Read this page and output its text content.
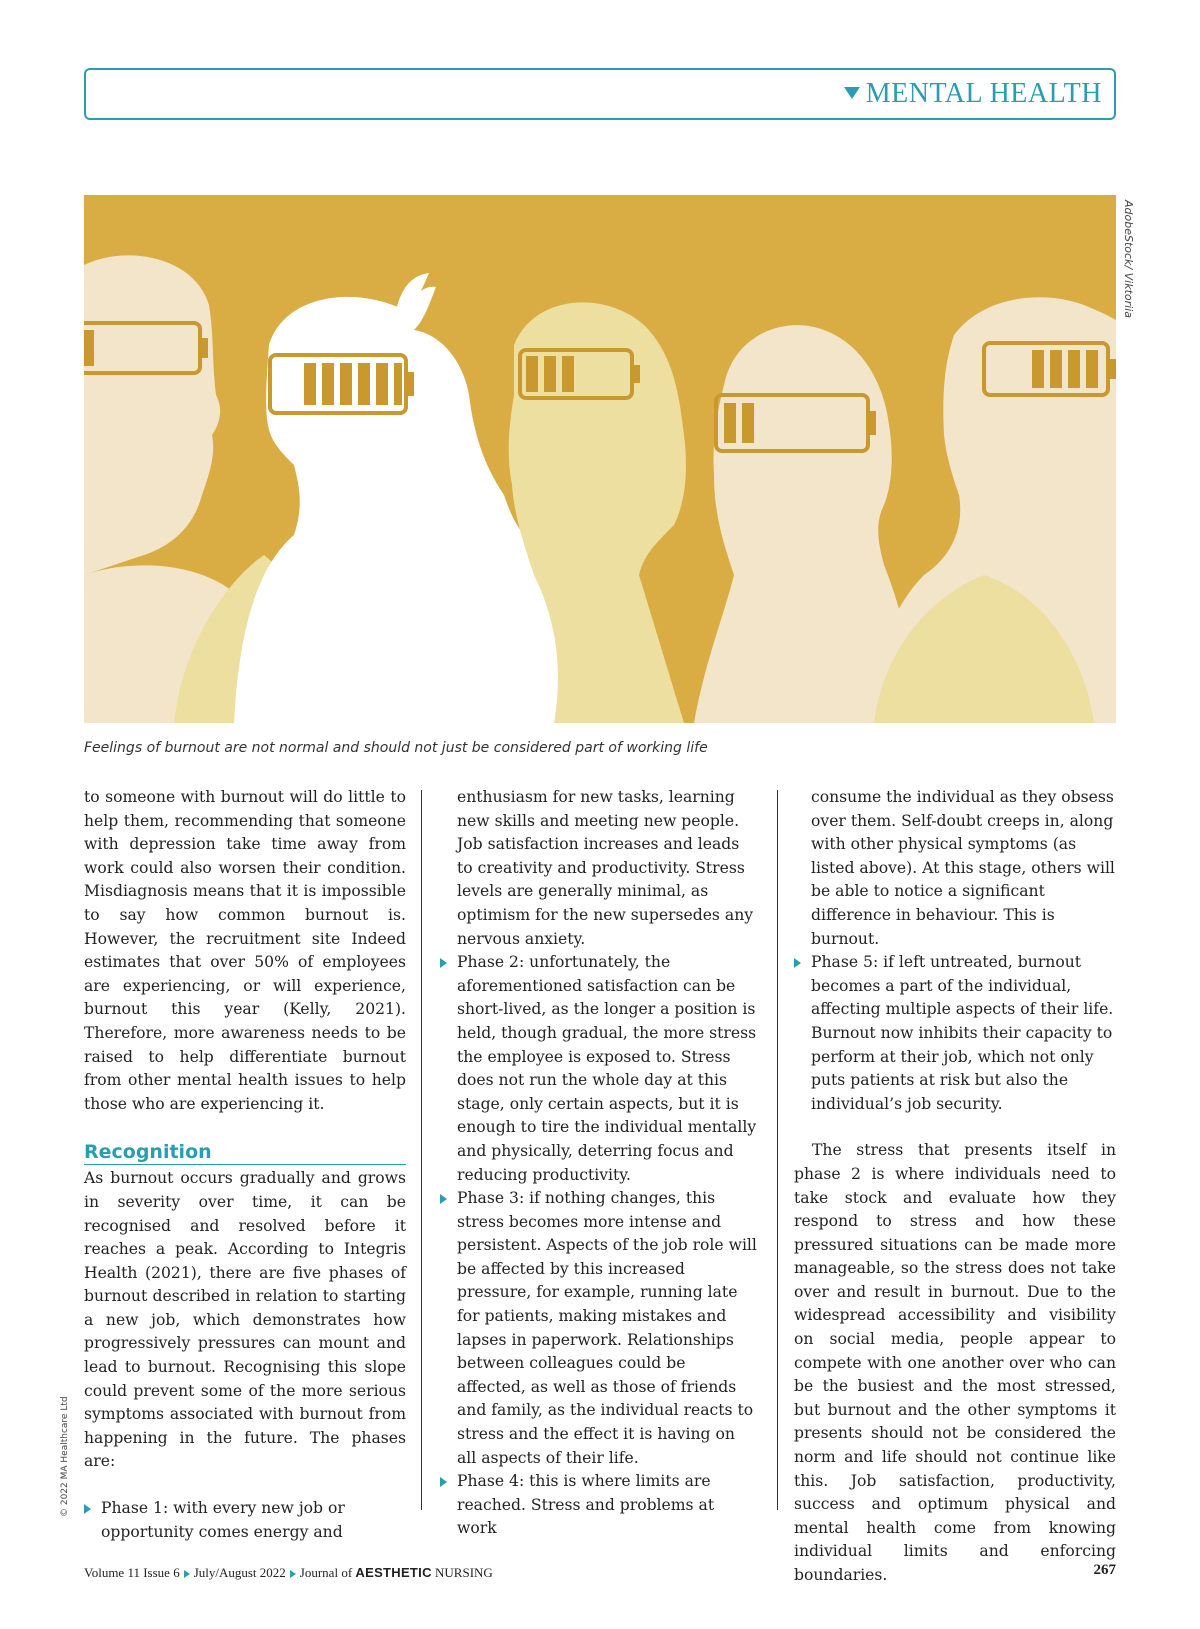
MENTAL HEALTH
AdobeStock/ Viktoriia
Feelings of burnout are not normal and should not just be considered part of working life

to someone with burnout will do little to help them, recommending that someone with depression take time away from work could also worsen their condition. Misdiagnosis means that it is impossible to say how common burnout is. However, the recruitment site Indeed estimates that over 50% of employees are experiencing, or will experience, burnout this year (Kelly, 2021). Therefore, more awareness needs to be raised to help differentiate burnout from other mental health issues to help those who are experiencing it.

Recognition

As burnout occurs gradually and grows in severity over time, it can be recognised and resolved before it reaches a peak. According to Integris Health (2021), there are five phases of burnout described in relation to starting a new job, which demonstrates how progressively pressures can mount and lead to burnout. Recognising this slope could prevent some of the more serious symptoms associated with burnout from happening in the future. The phases are:

Phase 1: with every new job or opportunity comes energy and

enthusiasm for new tasks, learning new skills and meeting new people. Job satisfaction increases and leads to creativity and productivity. Stress levels are generally minimal, as optimism for the new supersedes any nervous anxiety.

Phase 2: unfortunately, the aforementioned satisfaction can be short-lived, as the longer a position is held, though gradual, the more stress the employee is exposed to. Stress does not run the whole day at this stage, only certain aspects, but it is enough to tire the individual mentally and physically, deterring focus and reducing productivity.

Phase 3: if nothing changes, this stress becomes more intense and persistent. Aspects of the job role will be affected by this increased pressure, for example, running late for patients, making mistakes and lapses in paperwork. Relationships between colleagues could be affected, as well as those of friends and family, as the individual reacts to stress and the effect it is having on all aspects of their life.

Phase 4: this is where limits are reached. Stress and problems at work

consume the individual as they obsess over them. Self-doubt creeps in, along with other physical symptoms (as listed above). At this stage, others will be able to notice a significant difference in behaviour. This is burnout.

Phase 5: if left untreated, burnout becomes a part of the individual, affecting multiple aspects of their life. Burnout now inhibits their capacity to perform at their job, which not only puts patients at risk but also the individual’s job security.

The stress that presents itself in phase 2 is where individuals need to take stock and evaluate how they respond to stress and how these pressured situations can be made more manageable, so the stress does not take over and result in burnout. Due to the widespread accessibility and visibility on social media, people appear to compete with one another over who can be the busiest and the most stressed, but burnout and the other symptoms it presents should not be considered the norm and life should not continue like this. Job satisfaction, productivity, success and optimum physical and mental health come from knowing individual limits and enforcing boundaries.

© 2022 MA Healthcare Ltd
Volume 11 Issue 6 July/August 2022 Journal of AESTHETIC NURSING	267
